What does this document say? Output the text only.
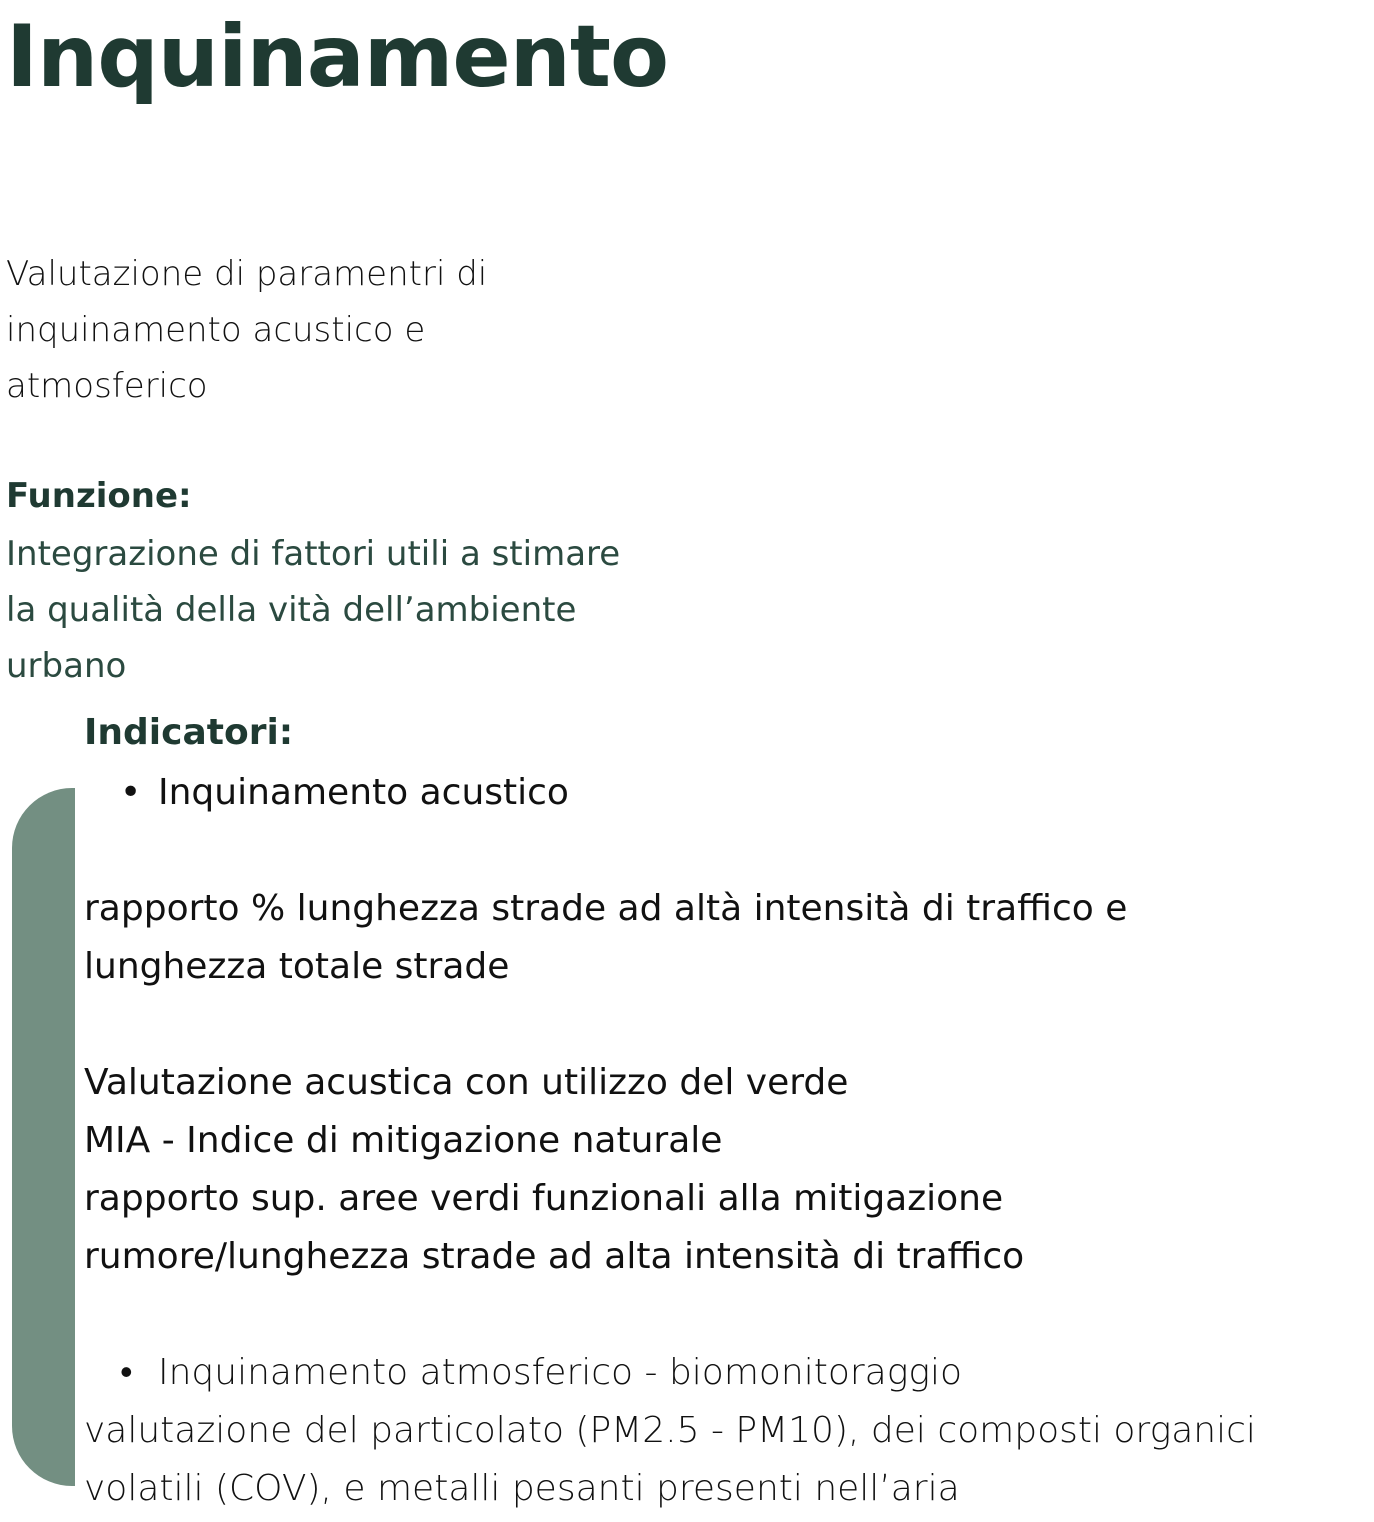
Inquinamento

Valutazione di paramentri di
inquinamento acustico e
atmosferico

Funzione:

Integrazione di fattori utili a stimare
la qualità della vità dell’ambiente
urbano

Indicatori:

• Inquinamento acustico

rapporto % lunghezza strade ad altà intensità di traffico e
lunghezza totale strade

Valutazione acustica con utilizzo del verde
MIA - Indice di mitigazione naturale
rapporto sup. aree verdi funzionali alla mitigazione
rumore/lunghezza strade ad alta intensità di traffico

• Inquinamento atmosferico - biomonitoraggio

valutazione del particolato (PM2.5 - PM10), dei composti organici
volatili (COV), e metalli pesanti presenti nell’aria
